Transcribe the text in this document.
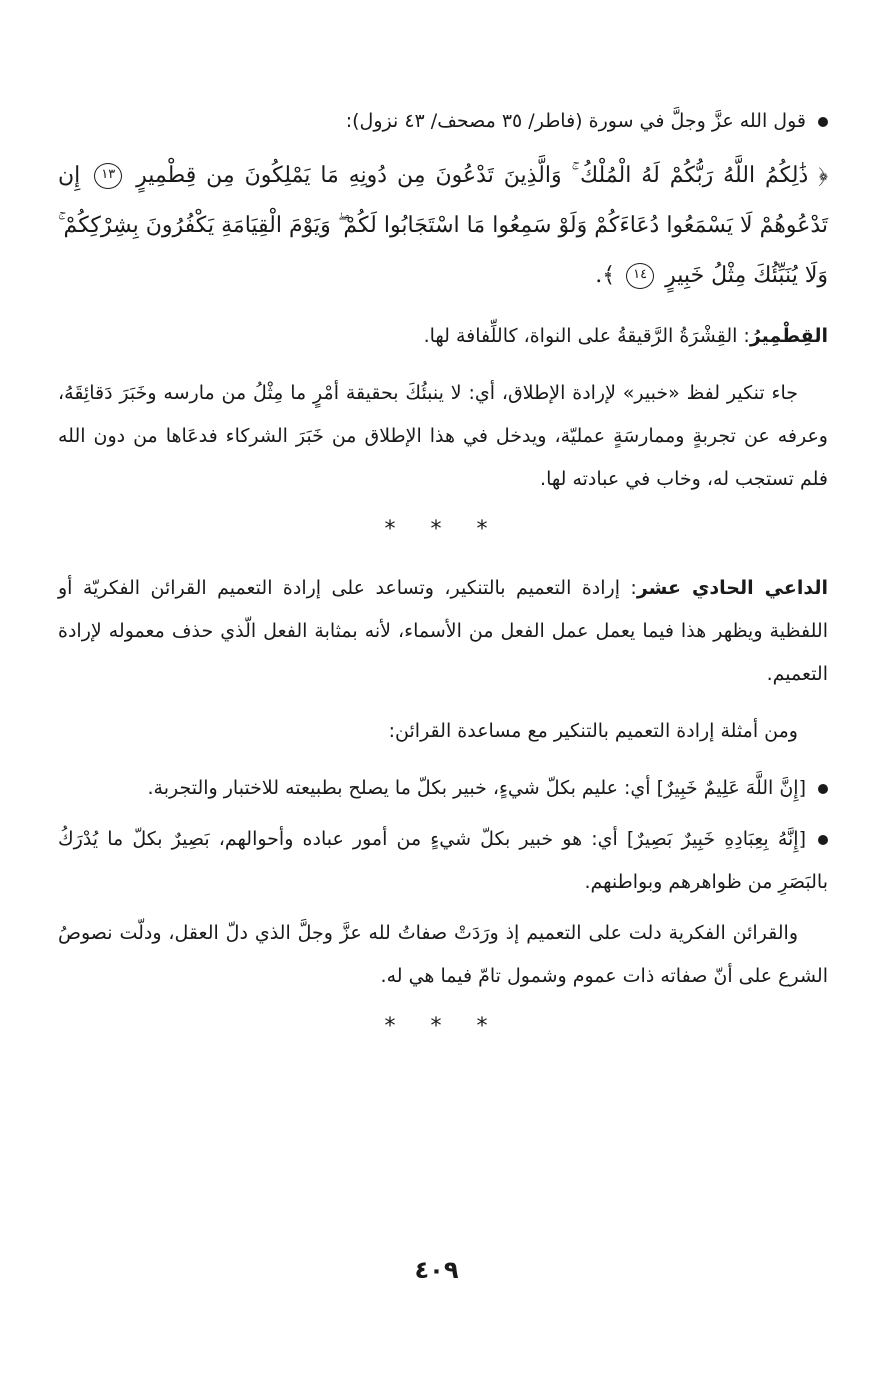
قول الله عزَّ وجلَّ في سورة (فاطر/ ٣٥ مصحف/ ٤٣ نزول):

﴿ ذَٰلِكُمُ اللَّهُ رَبُّكُمْ لَهُ الْمُلْكُ ۚ وَالَّذِينَ تَدْعُونَ مِن دُونِهِ مَا يَمْلِكُونَ مِن قِطْمِيرٍ ١٣ إِن تَدْعُوهُمْ لَا يَسْمَعُوا دُعَاءَكُمْ وَلَوْ سَمِعُوا مَا اسْتَجَابُوا لَكُمْ ۖ وَيَوْمَ الْقِيَامَةِ يَكْفُرُونَ بِشِرْكِكُمْ ۚ وَلَا يُنَبِّئُكَ مِثْلُ خَبِيرٍ ١٤ ﴾.

القِطْمِيرُ: القِشْرَةُ الرَّقيقةُ على النواة، كاللِّفافة لها.

جاء تنكير لفظ «خبير» لإرادة الإطلاق، أي: لا ينبئُكَ بحقيقة أمْرٍ ما مِثْلُ من مارسه وخَبَرَ دَقائِقَهُ، وعرفه عن تجربةٍ وممارسَةٍ عمليّة، ويدخل في هذا الإطلاق من خَبَرَ الشركاء فدعَاها من دون الله فلم تستجب له، وخاب في عبادته لها.

* * *

الداعي الحادي عشر: إرادة التعميم بالتنكير، وتساعد على إرادة التعميم القرائن الفكريّة أو اللفظية ويظهر هذا فيما يعمل عمل الفعل من الأسماء، لأنه بمثابة الفعل الّذي حذف معموله لإرادة التعميم.

ومن أمثلة إرادة التعميم بالتنكير مع مساعدة القرائن:

[إِنَّ اللَّهَ عَلِيمٌ خَبِيرٌ] أي: عليم بكلّ شيءٍ، خبير بكلّ ما يصلح بطبيعته للاختبار والتجربة.

[إِنَّهُ بِعِبَادِهِ خَبِيرٌ بَصِيرٌ] أي: هو خبير بكلّ شيءٍ من أمور عباده وأحوالهم، بَصِيرٌ بكلّ ما يُدْرَكُ بالبَصَرِ من ظواهرهم وبواطنهم.

والقرائن الفكرية دلت على التعميم إذ ورَدَتْ صفاتُ لله عزَّ وجلَّ الذي دلّ العقل، ودلّت نصوصُ الشرع على أنّ صفاته ذات عموم وشمول تامّ فيما هي له.

* * *
٤٠٩
